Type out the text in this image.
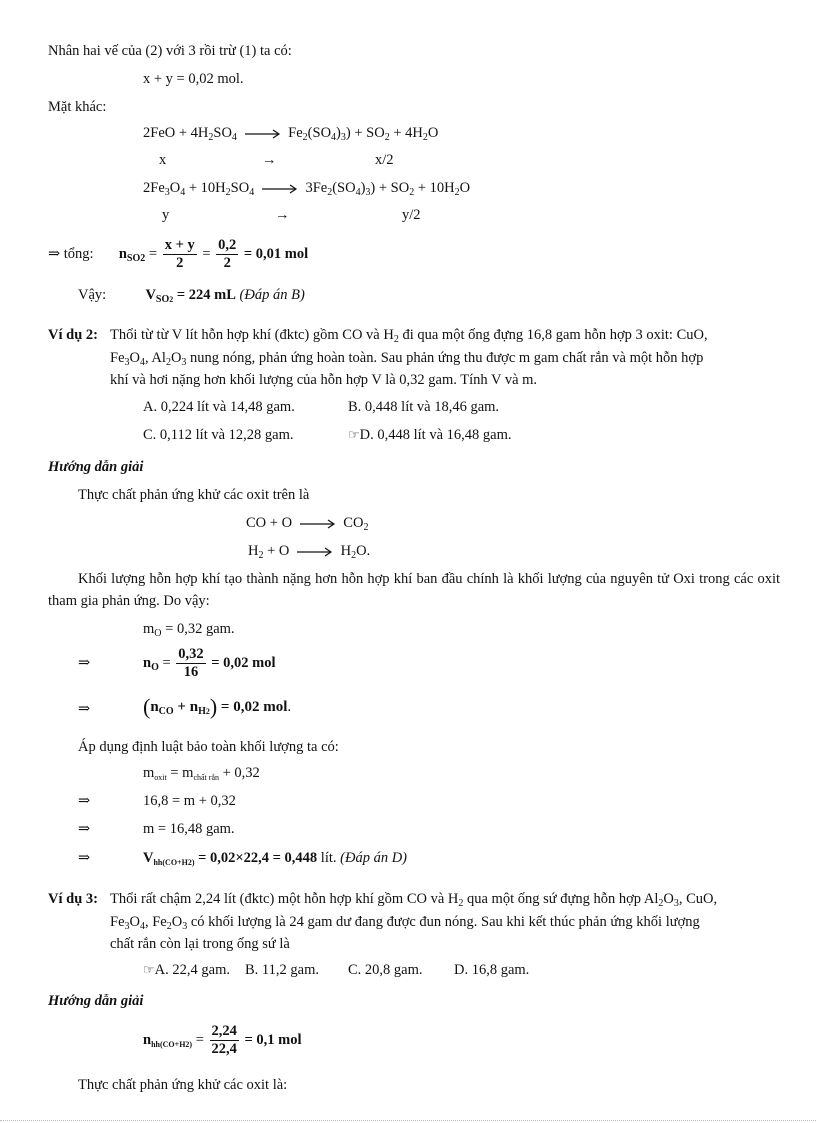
Nhân hai vế của (2) với 3 rồi trừ (1) ta có:
x + y = 0,02 mol.
Mặt khác:
$2FeO + 4H_2SO_4$	$Fe_2(SO_4)_3) + SO_2 + 4H_2O$
x	→	x/2
$2Fe_3O_4 + 10H_2SO_4$	$3Fe_2(SO_4)_3) + SO_2 + 10H_2O$
y	→	y/2
⇒ tổng: $n_{SO2} = \frac{x + y}{2} = \frac{0,2}{2} = 0,01$ mol
Vậy:	$V_{SO2} = 224$ mL (Đáp án B)
Ví dụ 2: Thổi từ từ V lít hỗn hợp khí (đktc) gồm CO và $H_2$ đi qua một ống đựng 16,8 gam hỗn hợp 3 oxit: CuO,
$Fe_3O_4$, $Al_2O_3$ nung nóng, phản ứng hoàn toàn. Sau phản ứng thu được m gam chất rắn và một hỗn hợp
khí và hơi nặng hơn khối lượng của hỗn hợp V là 0,32 gam. Tính V và m.
A. 0,224 lít và 14,48 gam.	B. 0,448 lít và 18,46 gam.
C. 0,112 lít và 12,28 gam.	☞D. 0,448 lít và 16,48 gam.
Hướng dẫn giải
Thực chất phản ứng khử các oxit trên là
CO + O	$CO_2$
$H_2 + O$	$H_2O$.
Khối lượng hỗn hợp khí tạo thành nặng hơn hỗn hợp khí ban đầu chính là khối lượng của nguyên tử Oxi trong các oxit tham gia phản ứng. Do vậy:
$m_O = 0,32$ gam.
⇒	$n_O = \frac{0,32}{16} = 0,02$ mol
⇒ $(n_{CO} + n_{H2}) = 0,02$ mol.
Áp dụng định luật bảo toàn khối lượng ta có:
$m_{oxit} = m_{chất rắn} + 0,32$
⇒	16,8 = m + 0,32
⇒	m = 16,48 gam.
⇒	$V_{hh(CO+H2)} = 0,02\times 22,4 = 0,448$ lít. (Đáp án D)
Ví dụ 3: Thổi rất chậm 2,24 lít (đktc) một hỗn hợp khí gồm CO và $H_2$ qua một ống sứ đựng hỗn hợp $Al_2O_3$, CuO,
$Fe_3O_4$, $Fe_2O_3$ có khối lượng là 24 gam dư đang được đun nóng. Sau khi kết thúc phản ứng khối lượng
chất rắn còn lại trong ống sứ là
☞A. 22,4 gam. B. 11,2 gam. C. 20,8 gam. D. 16,8 gam.
Hướng dẫn giải
$n_{hh(CO+H2)} = \frac{2,24}{22,4} = 0,1$ mol
Thực chất phản ứng khử các oxit là:
